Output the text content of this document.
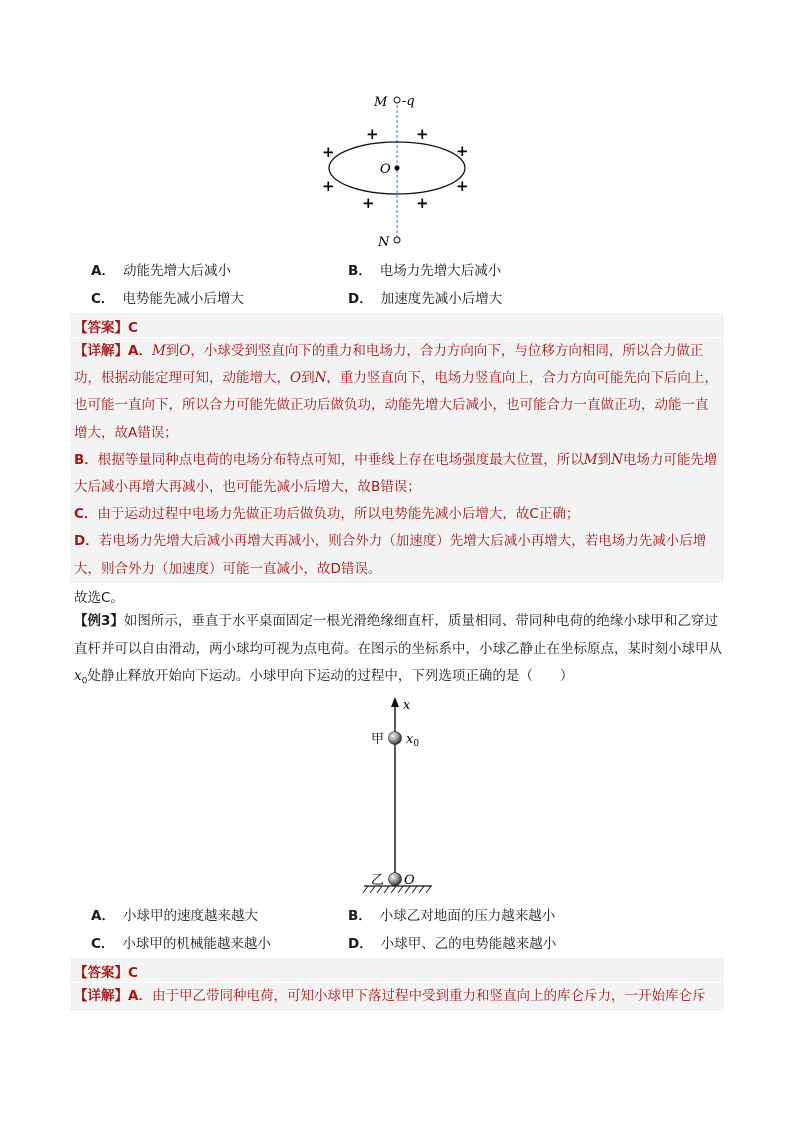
M -q
O
N
+ +
+	+
+	+
+	+
A． 动能先增大后减小	B． 电场力先增大后减小
C． 电势能先减小后增大	D． 加速度先减小后增大
【答案】C

【详解】A．M到O，小球受到竖直向下的重力和电场力，合力方向向下，与位移方向相同，所以合力做正功，根据动能定理可知，动能增大，O到N，重力竖直向下，电场力竖直向上，合力方向可能先向下后向上，也可能一直向下，所以合力可能先做正功后做负功，动能先增大后减小，也可能合力一直做正功，动能一直增大，故A错误；

B．根据等量同种点电荷的电场分布特点可知，中垂线上存在电场强度最大位置，所以M到N电场力可能先增大后减小再增大再减小，也可能先减小后增大，故B错误；

C．由于运动过程中电场力先做正功后做负功，所以电势能先减小后增大，故C正确；

D．若电场力先增大后减小再增大再减小，则合外力（加速度）先增大后减小再增大，若电场力先减小后增大，则合外力（加速度）可能一直减小，故D错误。

故选C。

【例3】如图所示，垂直于水平桌面固定一根光滑绝缘细直杆，质量相同、带同种电荷的绝缘小球甲和乙穿过直杆并可以自由滑动，两小球均可视为点电荷。在图示的坐标系中，小球乙静止在坐标原点，某时刻小球甲从$x_0$处静止释放开始向下运动。小球甲向下运动的过程中，下列选项正确的是（　　）

x
甲 $x_0$
乙 O
A． 小球甲的速度越来越大	B． 小球乙对地面的压力越来越小
C． 小球甲的机械能越来越小	D． 小球甲、乙的电势能越来越小
【答案】C

【详解】A．由于甲乙带同种电荷，可知小球甲下落过程中受到重力和竖直向上的库仑斥力，一开始库仑斥
